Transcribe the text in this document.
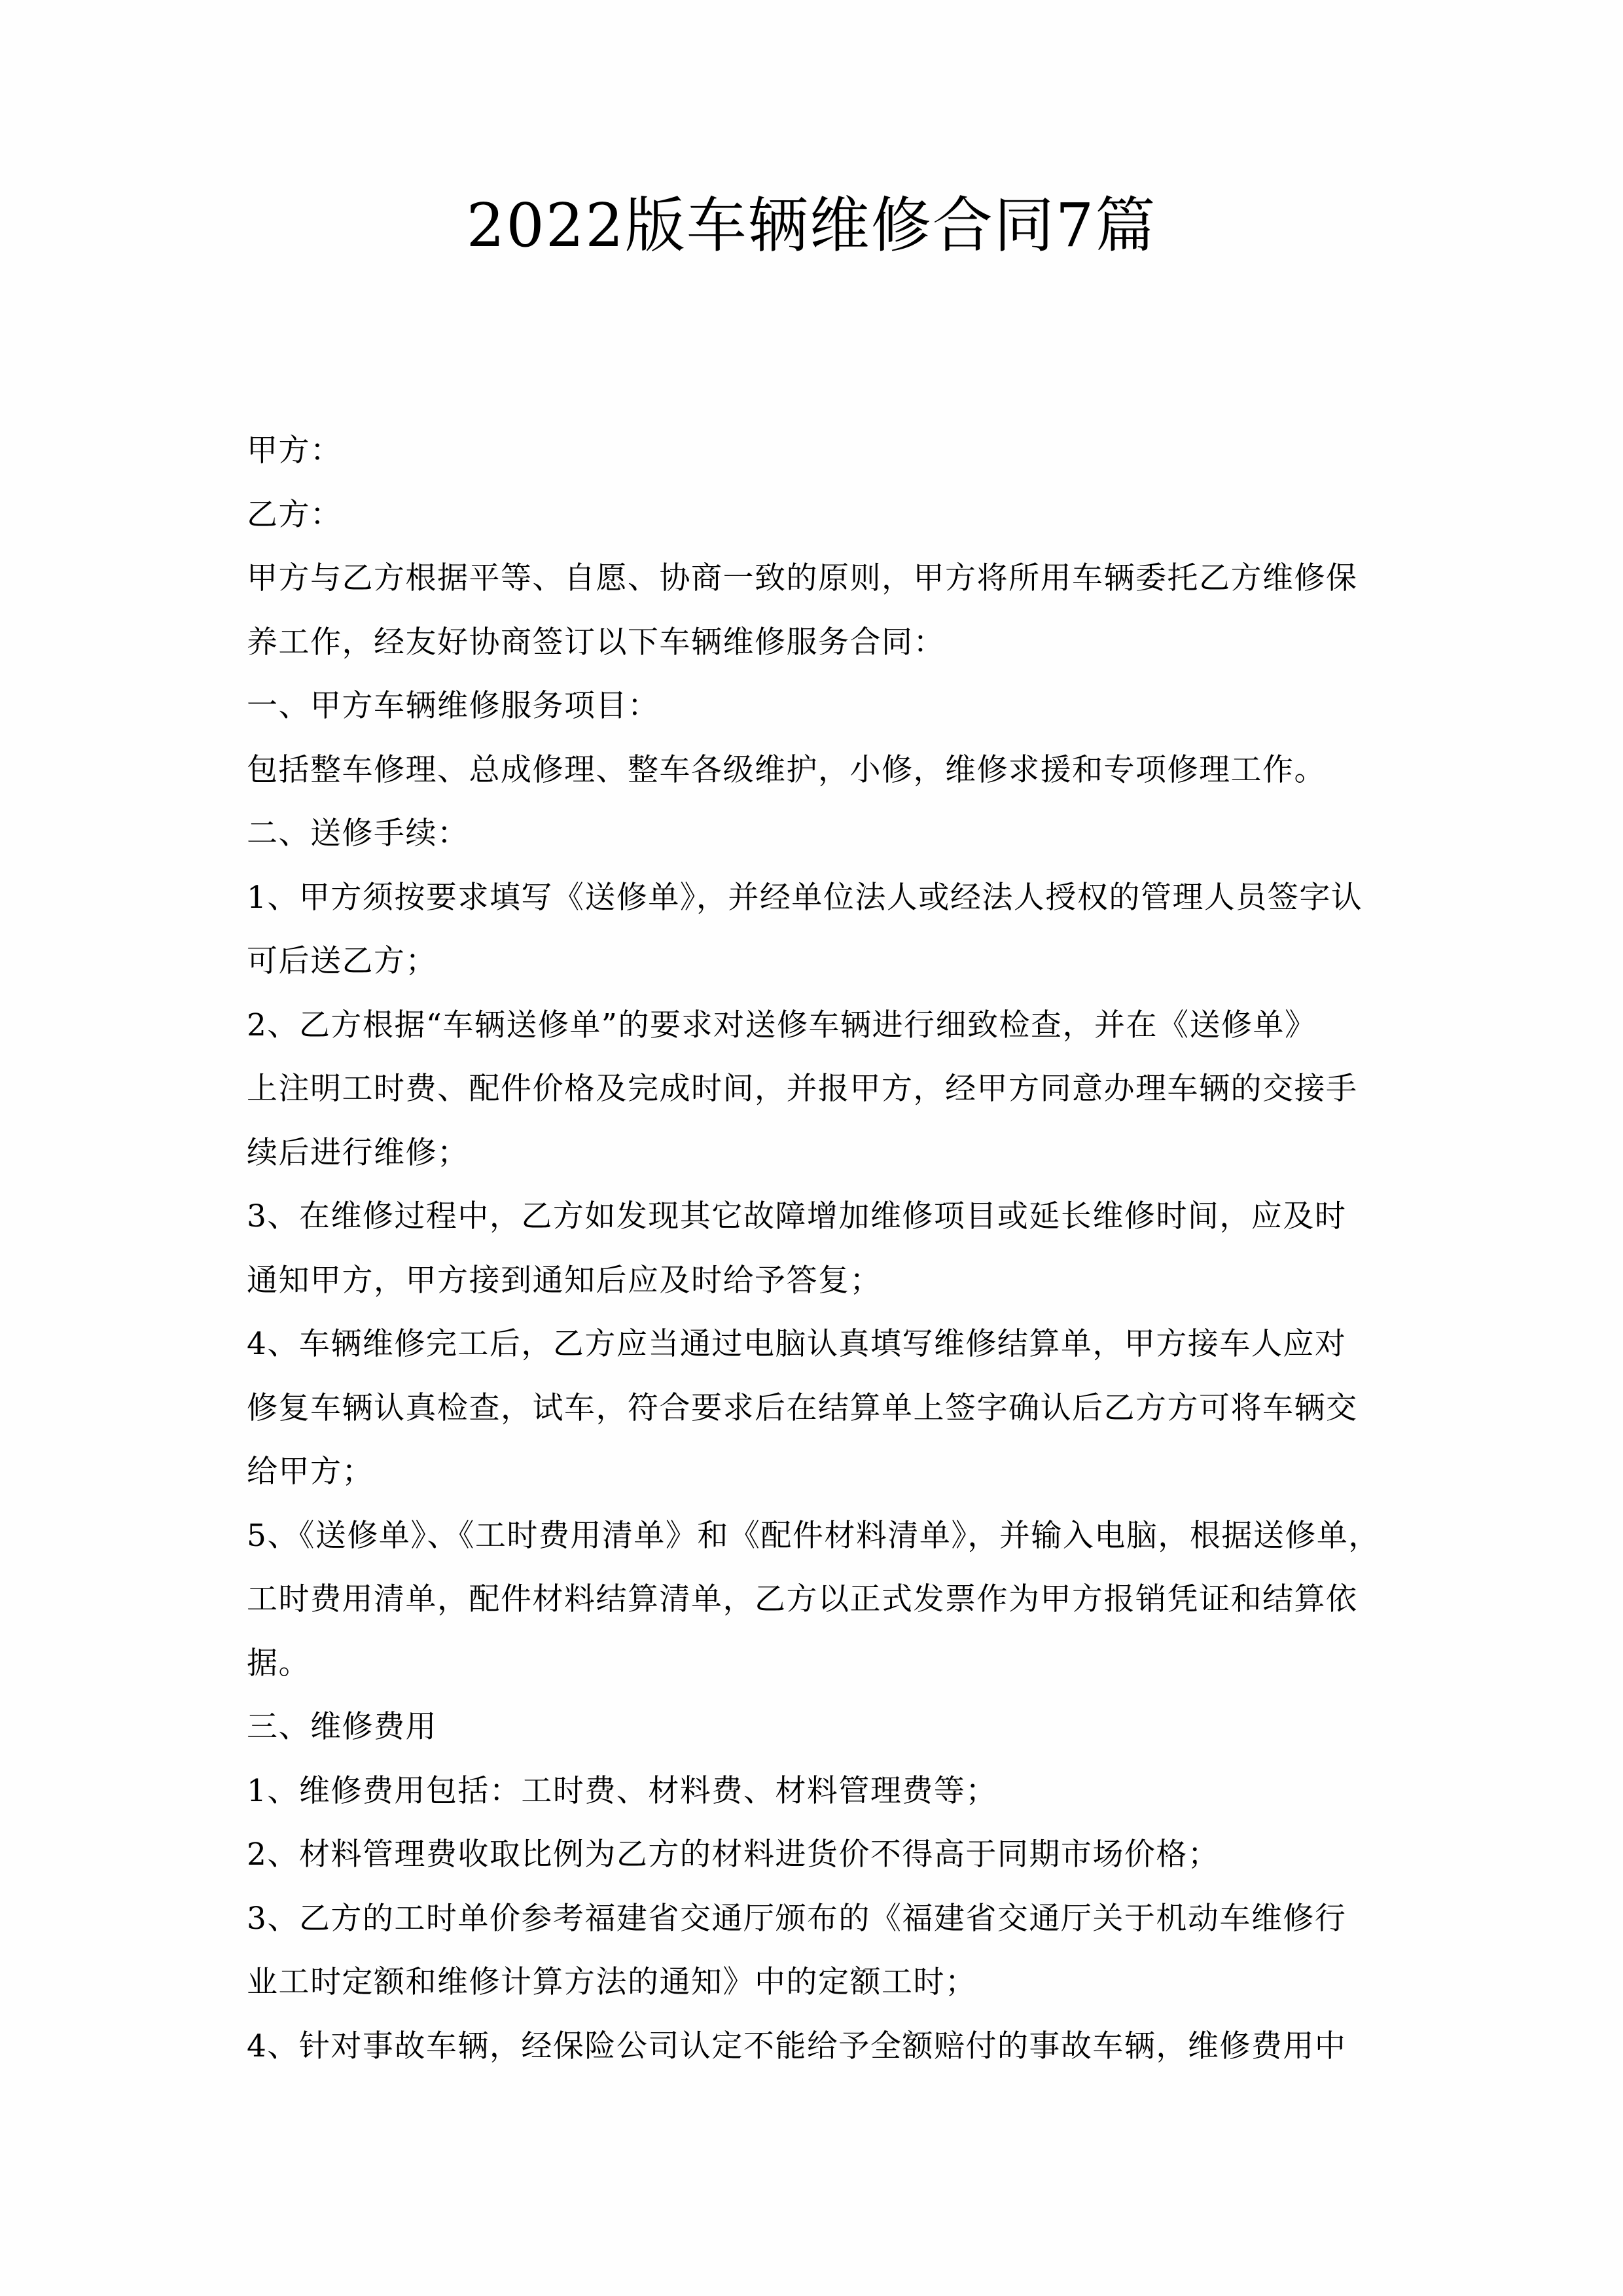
2022版车辆维修合同7篇
甲方：
乙方：
甲方与乙方根据平等、自愿、协商一致的原则，甲方将所用车辆委托乙方维修保
养工作，经友好协商签订以下车辆维修服务合同：
一、甲方车辆维修服务项目：
包括整车修理、总成修理、整车各级维护，小修，维修求援和专项修理工作。
二、送修手续：
1、甲方须按要求填写《送修单》，并经单位法人或经法人授权的管理人员签字认
可后送乙方；
2、乙方根据“车辆送修单”的要求对送修车辆进行细致检查，并在《送修单》
上注明工时费、配件价格及完成时间，并报甲方，经甲方同意办理车辆的交接手
续后进行维修；
3、在维修过程中，乙方如发现其它故障增加维修项目或延长维修时间，应及时
通知甲方，甲方接到通知后应及时给予答复；
4、车辆维修完工后，乙方应当通过电脑认真填写维修结算单，甲方接车人应对
修复车辆认真检查，试车，符合要求后在结算单上签字确认后乙方方可将车辆交
给甲方；
5、《送修单》、《工时费用清单》和《配件材料清单》，并输入电脑，根据送修单，
工时费用清单，配件材料结算清单，乙方以正式发票作为甲方报销凭证和结算依
据。
三、维修费用
1、维修费用包括：工时费、材料费、材料管理费等；
2、材料管理费收取比例为乙方的材料进货价不得高于同期市场价格；
3、乙方的工时单价参考福建省交通厅颁布的《福建省交通厅关于机动车维修行
业工时定额和维修计算方法的通知》中的定额工时；
4、针对事故车辆，经保险公司认定不能给予全额赔付的事故车辆，维修费用中
